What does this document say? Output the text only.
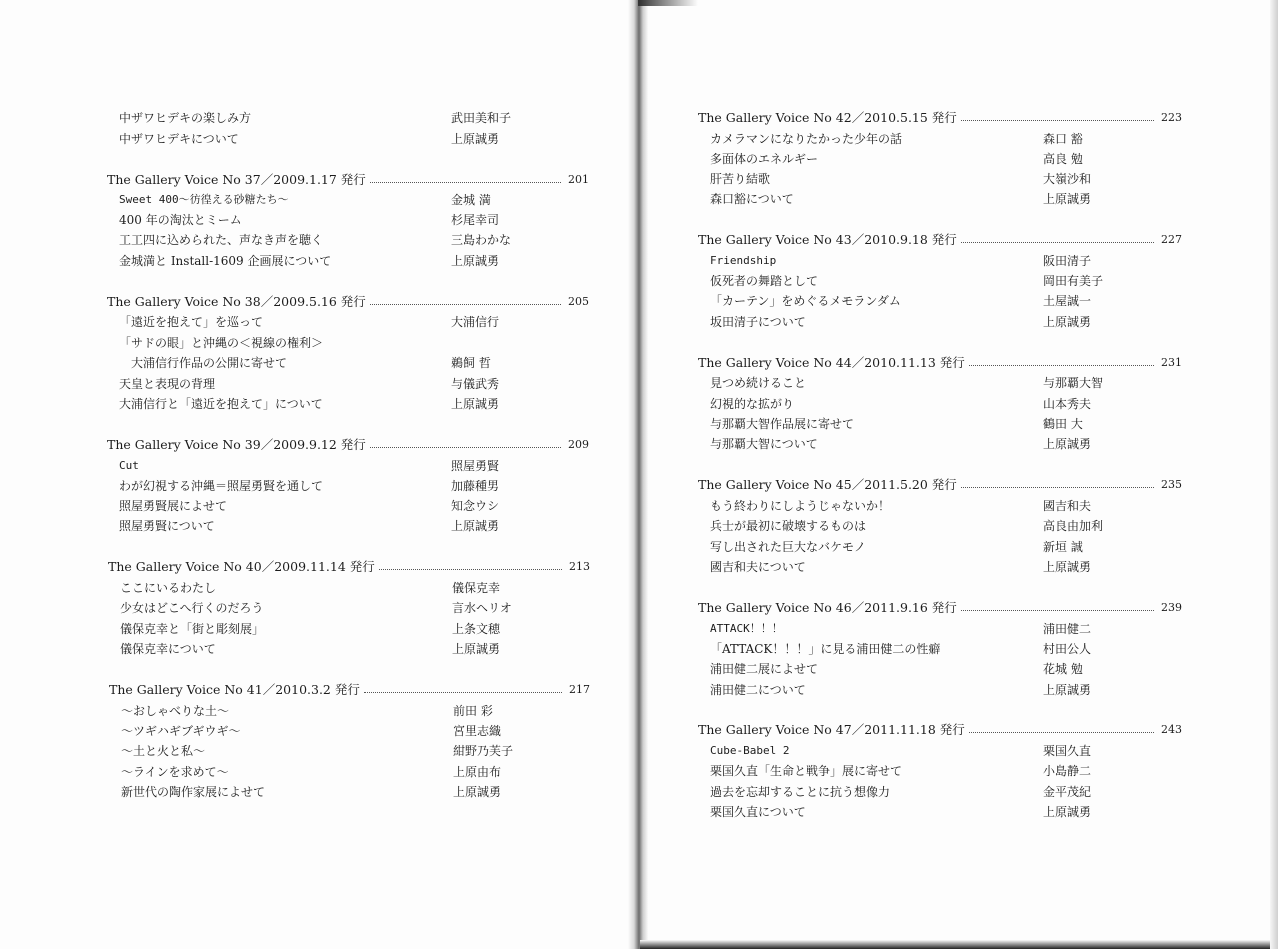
中ザワヒデキの楽しみ方	武田美和子
中ザワヒデキについて	上原誠勇
The Gallery Voice No 37／2009.1.17 発行	201
Sweet 400～彷徨える砂糖たち～	金城 満
400 年の淘汰とミーム	杉尾幸司
工工四に込められた、声なき声を聴く	三島わかな
金城満と Install-1609 企画展について	上原誠勇
The Gallery Voice No 38／2009.5.16 発行	205
「遠近を抱えて」を巡って	大浦信行
「サドの眼」と沖縄の＜視線の権利＞
大浦信行作品の公開に寄せて	鵜飼 哲
天皇と表現の背理	与儀武秀
大浦信行と「遠近を抱えて」について	上原誠勇
The Gallery Voice No 39／2009.9.12 発行	209
Cut	照屋勇賢
わが幻視する沖縄＝照屋勇賢を通して	加藤種男
照屋勇賢展によせて	知念ウシ
照屋勇賢について	上原誠勇
The Gallery Voice No 40／2009.11.14 発行	213
ここにいるわたし	儀保克幸
少女はどこへ行くのだろう	言水ヘリオ
儀保克幸と「街と彫刻展」	上条文穂
儀保克幸について	上原誠勇
The Gallery Voice No 41／2010.3.2 発行	217
～おしゃべりな土～	前田 彩
～ツギハギブギウギ～	宮里志織
～土と火と私～	紺野乃芙子
～ラインを求めて～	上原由布
新世代の陶作家展によせて	上原誠勇
The Gallery Voice No 42／2010.5.15 発行	223
カメラマンになりたかった少年の話	森口 豁
多面体のエネルギー	高良 勉
肝苦り結歌	大嶺沙和
森口豁について	上原誠勇
The Gallery Voice No 43／2010.9.18 発行	227
Friendship	阪田清子
仮死者の舞踏として	岡田有美子
「カーテン」をめぐるメモランダム	土屋誠一
坂田清子について	上原誠勇
The Gallery Voice No 44／2010.11.13 発行	231
見つめ続けること	与那覇大智
幻視的な拡がり	山本秀夫
与那覇大智作品展に寄せて	鶴田 大
与那覇大智について	上原誠勇
The Gallery Voice No 45／2011.5.20 発行	235
もう終わりにしようじゃないか！	國吉和夫
兵士が最初に破壊するものは	高良由加利
写し出された巨大なバケモノ	新垣 誠
國吉和夫について	上原誠勇
The Gallery Voice No 46／2011.9.16 発行	239
ATTACK！！！	浦田健二
「ATTACK！！！」に見る浦田健二の性癖	村田公人
浦田健二展によせて	花城 勉
浦田健二について	上原誠勇
The Gallery Voice No 47／2011.11.18 発行	243
Cube-Babel 2	栗国久直
栗国久直「生命と戦争」展に寄せて	小島静二
過去を忘却することに抗う想像力	金平茂紀
栗国久直について	上原誠勇
